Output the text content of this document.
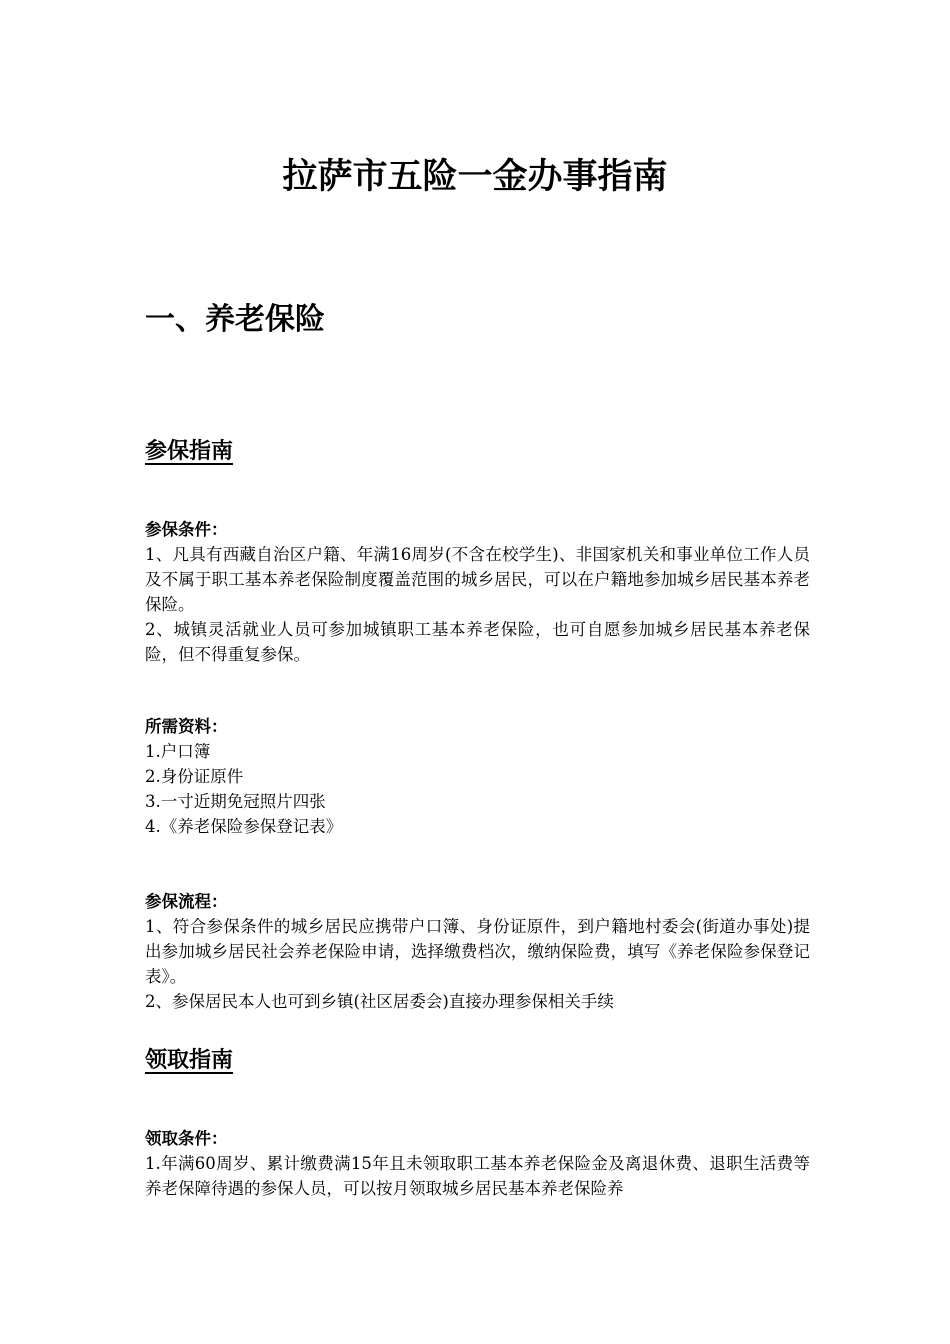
拉萨市五险一金办事指南
一、养老保险
参保指南
参保条件：

1、凡具有西藏自治区户籍、年满16周岁(不含在校学生)、非国家机关和事业单位工作人员及不属于职工基本养老保险制度覆盖范围的城乡居民，可以在户籍地参加城乡居民基本养老保险。

2、城镇灵活就业人员可参加城镇职工基本养老保险，也可自愿参加城乡居民基本养老保险，但不得重复参保。

所需资料：

1.户口簿

2.身份证原件

3.一寸近期免冠照片四张

4.《养老保险参保登记表》

参保流程：

1、符合参保条件的城乡居民应携带户口簿、身份证原件，到户籍地村委会(街道办事处)提出参加城乡居民社会养老保险申请，选择缴费档次，缴纳保险费，填写《养老保险参保登记表》。

2、参保居民本人也可到乡镇(社区居委会)直接办理参保相关手续

领取指南
领取条件：

1.年满60周岁、累计缴费满15年且未领取职工基本养老保险金及离退休费、退职生活费等养老保障待遇的参保人员，可以按月领取城乡居民基本养老保险养
